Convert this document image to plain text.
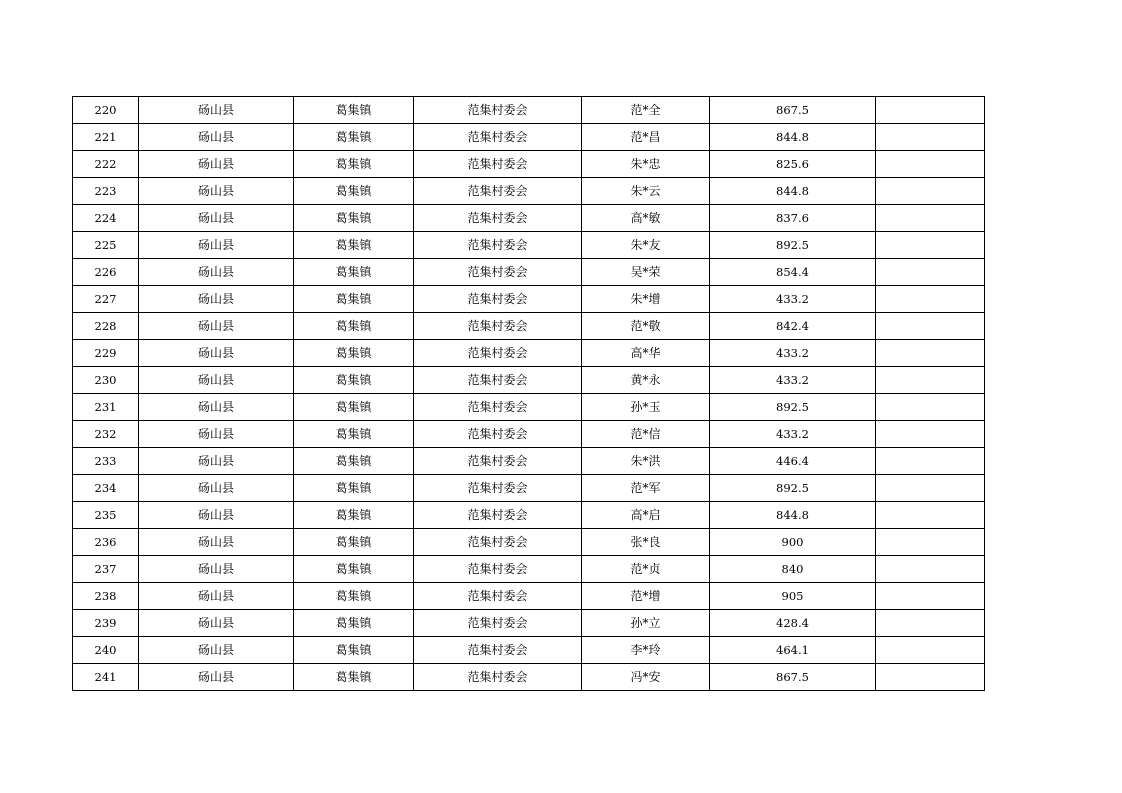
220	砀山县	葛集镇	范集村委会	范*全	867.5	
221	砀山县	葛集镇	范集村委会	范*昌	844.8	
222	砀山县	葛集镇	范集村委会	朱*忠	825.6	
223	砀山县	葛集镇	范集村委会	朱*云	844.8	
224	砀山县	葛集镇	范集村委会	高*敏	837.6	
225	砀山县	葛集镇	范集村委会	朱*友	892.5	
226	砀山县	葛集镇	范集村委会	吴*荣	854.4	
227	砀山县	葛集镇	范集村委会	朱*增	433.2	
228	砀山县	葛集镇	范集村委会	范*敬	842.4	
229	砀山县	葛集镇	范集村委会	高*华	433.2	
230	砀山县	葛集镇	范集村委会	黄*永	433.2	
231	砀山县	葛集镇	范集村委会	孙*玉	892.5	
232	砀山县	葛集镇	范集村委会	范*信	433.2	
233	砀山县	葛集镇	范集村委会	朱*洪	446.4	
234	砀山县	葛集镇	范集村委会	范*军	892.5	
235	砀山县	葛集镇	范集村委会	高*启	844.8	
236	砀山县	葛集镇	范集村委会	张*良	900	
237	砀山县	葛集镇	范集村委会	范*贞	840	
238	砀山县	葛集镇	范集村委会	范*增	905	
239	砀山县	葛集镇	范集村委会	孙*立	428.4	
240	砀山县	葛集镇	范集村委会	李*玲	464.1	
241	砀山县	葛集镇	范集村委会	冯*安	867.5	
